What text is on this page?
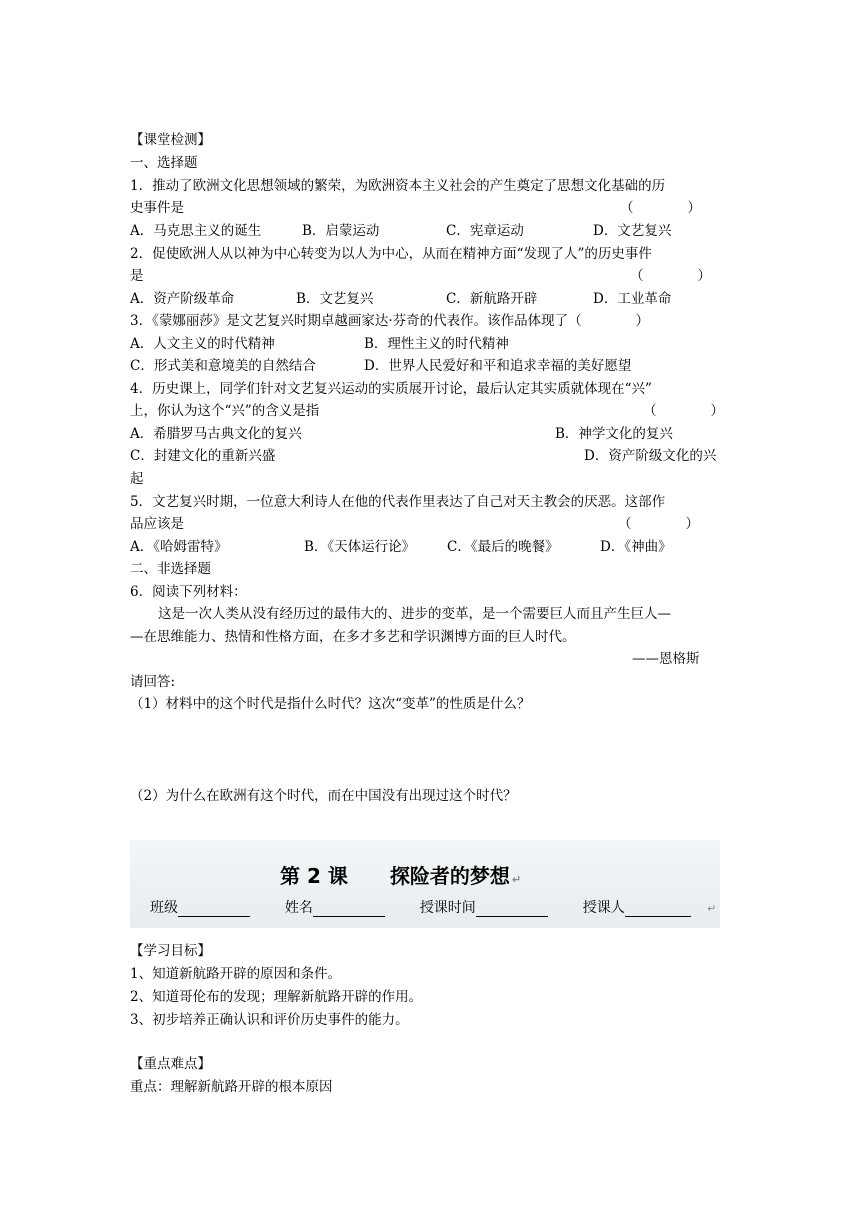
【课堂检测】
一、选择题
1．推动了欧洲文化思想领域的繁荣，为欧洲资本主义社会的产生奠定了思想文化基础的历
史事件是	（　　　　）
A．马克思主义的诞生	B．启蒙运动	C．宪章运动	D．文艺复兴
2．促使欧洲人从以神为中心转变为以人为中心，从而在精神方面“发现了人”的历史事件
是	（　　　　）
A．资产阶级革命	B．文艺复兴	C．新航路开辟	D．工业革命
3．《蒙娜丽莎》是文艺复兴时期卓越画家达·芬奇的代表作。该作品体现了（　　　　）
A．人文主义的时代精神	B．理性主义的时代精神
C．形式美和意境美的自然结合	D．世界人民爱好和平和追求幸福的美好愿望
4．历史课上，同学们针对文艺复兴运动的实质展开讨论，最后认定其实质就体现在“兴”
上，你认为这个“兴”的含义是指	（　　　　）
A．希腊罗马古典文化的复兴	B．神学文化的复兴
C．封建文化的重新兴盛	D．资产阶级文化的兴
起
5．文艺复兴时期，一位意大利诗人在他的代表作里表达了自己对天主教会的厌恶。这部作
品应该是	（　　　　）
A．《哈姆雷特》	B．《天体运行论》 C．《最后的晚餐》	D．《神曲》
二、非选择题
6．阅读下列材料：
这是一次人类从没有经历过的最伟大的、进步的变革，是一个需要巨人而且产生巨人—
—在思维能力、热情和性格方面，在多才多艺和学识渊博方面的巨人时代。
——恩格斯
请回答:
（1）材料中的这个时代是指什么时代？这次“变革”的性质是什么？
（2）为什么在欧洲有这个时代，而在中国没有出现过这个时代？
第 2 课 探险者的梦想 ↵
班级	姓名	授课时间	授课人	↵
【学习目标】
1、知道新航路开辟的原因和条件。
2、知道哥伦布的发现；理解新航路开辟的作用。
3、初步培养正确认识和评价历史事件的能力。
【重点难点】
重点：理解新航路开辟的根本原因
